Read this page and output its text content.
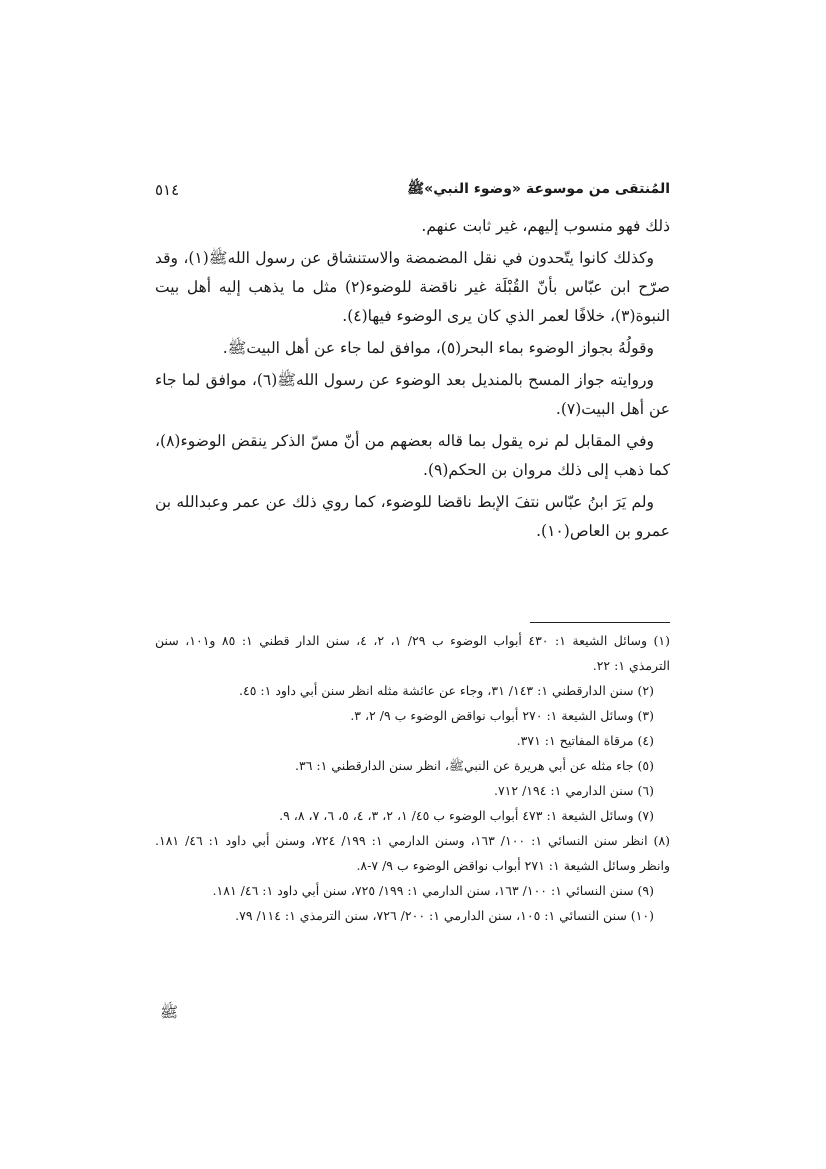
المُنتقى من موسوعة «وضوء النبي»ﷺ
٥١٤

ذلك فهو منسوب إليهم، غير ثابت عنهم.

وكذلك كانوا يتّحدون في نقل المضمضة والاستنشاق عن رسول اللهﷺ(١)، وقد صرّح ابن عبّاس بأنّ القُبْلَة غير ناقضة للوضوء(٢) مثل ما يذهب إليه أهل بيت النبوة(٣)، خلافًا لعمر الذي كان يرى الوضوء فيها(٤).

وقولُهُ بجواز الوضوء بماء البحر(٥)، موافق لما جاء عن أهل البيتﷺ.

وروايته جواز المسح بالمنديل بعد الوضوء عن رسول اللهﷺ(٦)، موافق لما جاء عن أهل البيت(٧).

وفي المقابل لم نره يقول بما قاله بعضهم من أنّ مسّ الذكر ينقض الوضوء(٨)، كما ذهب إلى ذلك مروان بن الحكم(٩).

ولم يَرَ ابنُ عبّاس نتفَ الإبط ناقضا للوضوء، كما روي ذلك عن عمر وعبدالله بن عمرو بن العاص(١٠).

(١) وسائل الشيعة ١: ٤٣٠ أبواب الوضوء ب ٢٩/ ١، ٢، ٤، سنن الدار قطني ١: ٨٥ و١٠١، سنن الترمذي ١: ٢٢.

(٢) سنن الدارقطني ١: ١٤٣/ ٣١، وجاء عن عائشة مثله انظر سنن أبي داود ١: ٤٥.

(٣) وسائل الشيعة ١: ٢٧٠ أبواب نواقض الوضوء ب ٩/ ٢، ٣.

(٤) مرقاة المفاتيح ١: ٣٧١.

(٥) جاء مثله عن أبي هريرة عن النبيﷺ، انظر سنن الدارقطني ١: ٣٦.

(٦) سنن الدارمي ١: ١٩٤/ ٧١٢.

(٧) وسائل الشيعة ١: ٤٧٣ أبواب الوضوء ب ٤٥/ ١، ٢، ٣، ٤، ٥، ٦، ٧، ٨، ٩.

(٨) انظر سنن النسائي ١: ١٠٠/ ١٦٣، وسنن الدارمي ١: ١٩٩/ ٧٢٤، وسنن أبي داود ١: ٤٦/ ١٨١. وانظر وسائل الشيعة ١: ٢٧١ أبواب نواقض الوضوء ب ٩/ ٧-٨.

(٩) سنن النسائي ١: ١٠٠/ ١٦٣، سنن الدارمي ١: ١٩٩/ ٧٢٥، سنن أبي داود ١: ٤٦/ ١٨١.

(١٠) سنن النسائي ١: ١٠٥، سنن الدارمي ١: ٢٠٠/ ٧٢٦، سنن الترمذي ١: ١١٤/ ٧٩.

ﷺ
